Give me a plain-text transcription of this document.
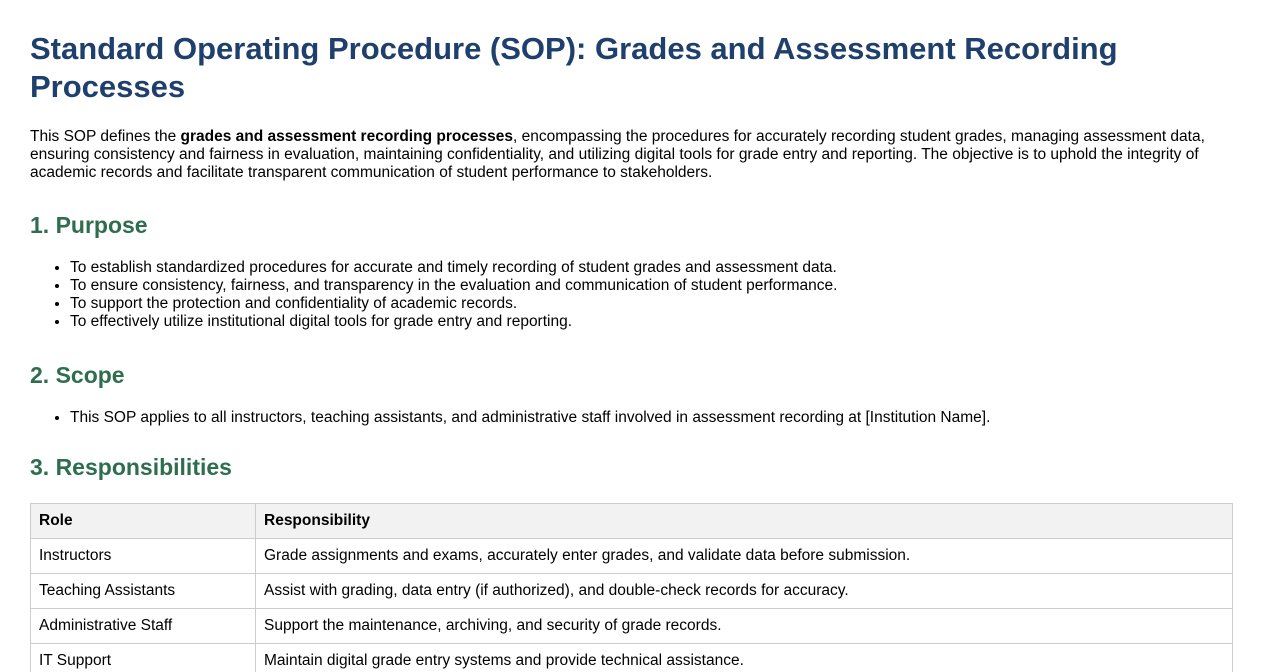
Standard Operating Procedure (SOP): Grades and Assessment Recording Processes

This SOP defines the grades and assessment recording processes, encompassing the procedures for accurately recording student grades, managing assessment data, ensuring consistency and fairness in evaluation, maintaining confidentiality, and utilizing digital tools for grade entry and reporting. The objective is to uphold the integrity of academic records and facilitate transparent communication of student performance to stakeholders.

1. Purpose
• To establish standardized procedures for accurate and timely recording of student grades and assessment data.
• To ensure consistency, fairness, and transparency in the evaluation and communication of student performance.
• To support the protection and confidentiality of academic records.
• To effectively utilize institutional digital tools for grade entry and reporting.
2. Scope
• This SOP applies to all instructors, teaching assistants, and administrative staff involved in assessment recording at [Institution Name].
3. Responsibilities
Role	Responsibility
Instructors	Grade assignments and exams, accurately enter grades, and validate data before submission.
Teaching Assistants	Assist with grading, data entry (if authorized), and double-check records for accuracy.
Administrative Staff	Support the maintenance, archiving, and security of grade records.
IT Support	Maintain digital grade entry systems and provide technical assistance.
